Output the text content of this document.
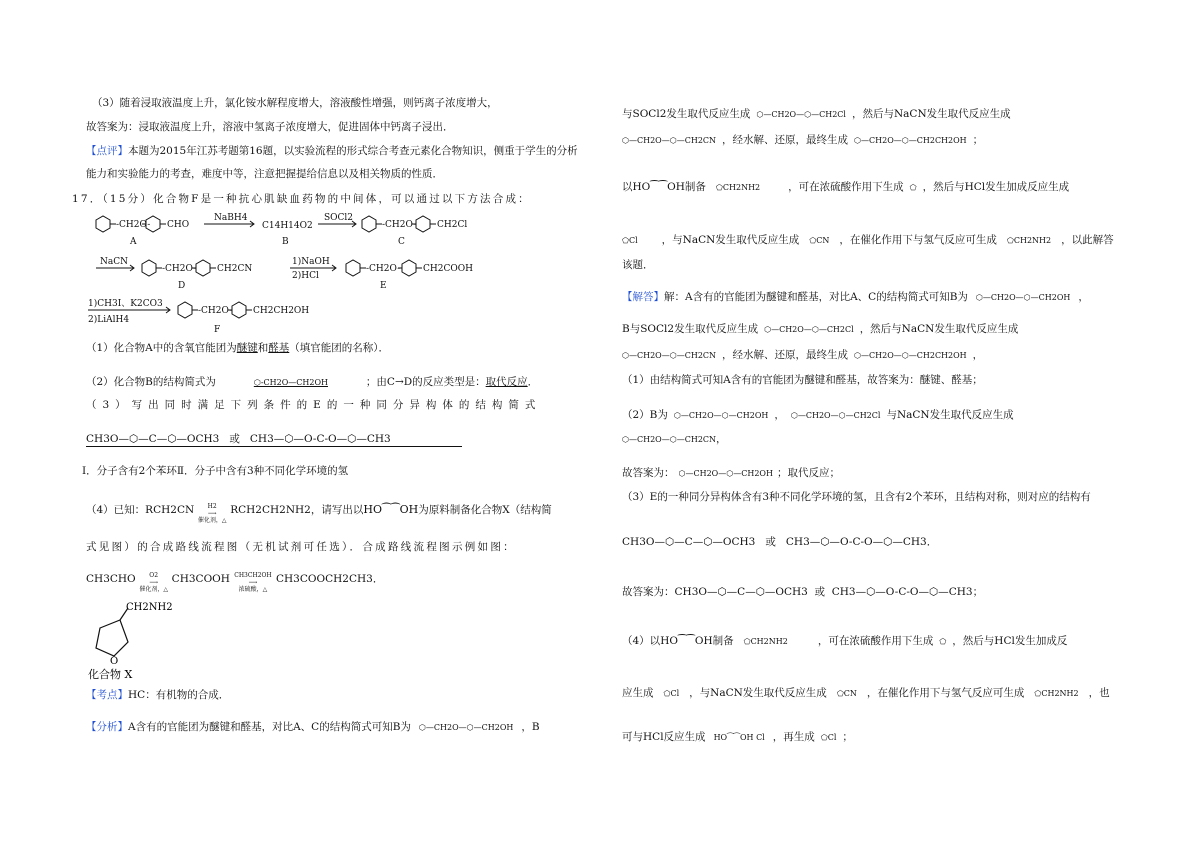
（3）随着浸取液温度上升，氯化铵水解程度增大，溶液酸性增强，则钙离子浓度增大，
故答案为：浸取液温度上升，溶液中氢离子浓度增大，促进固体中钙离子浸出．
【点评】本题为2015年江苏考题第16题，以实验流程的形式综合考查元素化合物知识，侧重于学生的分析
能力和实验能力的考查，难度中等，注意把握提给信息以及相关物质的性质．
17．（15分）化合物F是一种抗心肌缺血药物的中间体，可以通过以下方法合成：
-CH2O- CHO
A
NaBH4
C14H14O2
B
SOCl2
-CH2O- CH2Cl
C
NaCN
-CH2O- CH2CN
D
1)NaOH
2)HCl
-CH2O-	CH2COOH
E
1)CH3I、K2CO3
2)LiAlH4
-CH2O- CH2CH2OH
F
（1）化合物A中的含氧官能团为醚键和醛基（填官能团的名称）．
（2）化合物B的结构简式为	⬡-CH2O—CH2OH	；由C→D的反应类型是：取代反应．
（3）写出同时满足下列条件的E的一种同分异构体的结构简式
CH3O—⬡—C—⬡—OCH3 或 CH3—⬡—O-C-O—⬡—CH3
Ⅰ．分子含有2个苯环Ⅱ．分子中含有3种不同化学环境的氢
（4）已知：RCH2CN H2
⟶
催化剂，△RCH2CH2NH2，请写出以HO⁀⁀OH为原料制备化合物X（结构简
式见图）的合成路线流程图（无机试剂可任选）．合成路线流程图示例如图：
CH3CHO O2
⟶
催化剂，△CH3COOH CH3CH2OH
⟶
浓硫酸，△CH3COOCH2CH3．
CH2NH2
O
化合物 X
【考点】HC：有机物的合成．
【分析】A含有的官能团为醚键和醛基，对比A、C的结构简式可知B为 ⬡—CH2O—⬡—CH2OH ，B
与SOCl2发生取代反应生成 ⬡—CH2O—⬡—CH2Cl ，然后与NaCN发生取代反应生成
⬡—CH2O—⬡—CH2CN ，经水解、还原，最终生成 ⬡—CH2O—⬡—CH2CH2OH ；
以HO⁀⁀OH制备 ⬠CH2NH2	，可在浓硫酸作用下生成 ⬠ ，然后与HCl发生加成反应生成
⬠Cl ，与NaCN发生取代反应生成 ⬠CN ，在催化作用下与氢气反应可生成 ⬠CH2NH2 ，以此解答
该题．
【解答】解：A含有的官能团为醚键和醛基，对比A、C的结构简式可知B为 ⬡—CH2O—⬡—CH2OH ，
B与SOCl2发生取代反应生成 ⬡—CH2O—⬡—CH2Cl ，然后与NaCN发生取代反应生成
⬡—CH2O—⬡—CH2CN ，经水解、还原，最终生成 ⬡—CH2O—⬡—CH2CH2OH ，
（1）由结构简式可知A含有的官能团为醚键和醛基，故答案为：醚键、醛基；
（2）B为 ⬡—CH2O—⬡—CH2OH ， ⬡—CH2O—⬡—CH2Cl 与NaCN发生取代反应生成
⬡—CH2O—⬡—CH2CN，
故答案为： ⬡—CH2O—⬡—CH2OH ；取代反应；
（3）E的一种同分异构体含有3种不同化学环境的氢，且含有2个苯环，且结构对称，则对应的结构有
CH3O—⬡—C—⬡—OCH3 或 CH3—⬡—O-C-O—⬡—CH3．
故答案为：CH3O—⬡—C—⬡—OCH3 或 CH3—⬡—O-C-O—⬡—CH3；
（4）以HO⁀⁀OH制备 ⬠CH2NH2	，可在浓硫酸作用下生成 ⬠ ，然后与HCl发生加成反
应生成 ⬠Cl ，与NaCN发生取代反应生成 ⬠CN ，在催化作用下与氢气反应可生成 ⬠CH2NH2 ，也
可与HCl反应生成 HO⁀⁀OH Cl ，再生成 ⬠Cl ；
